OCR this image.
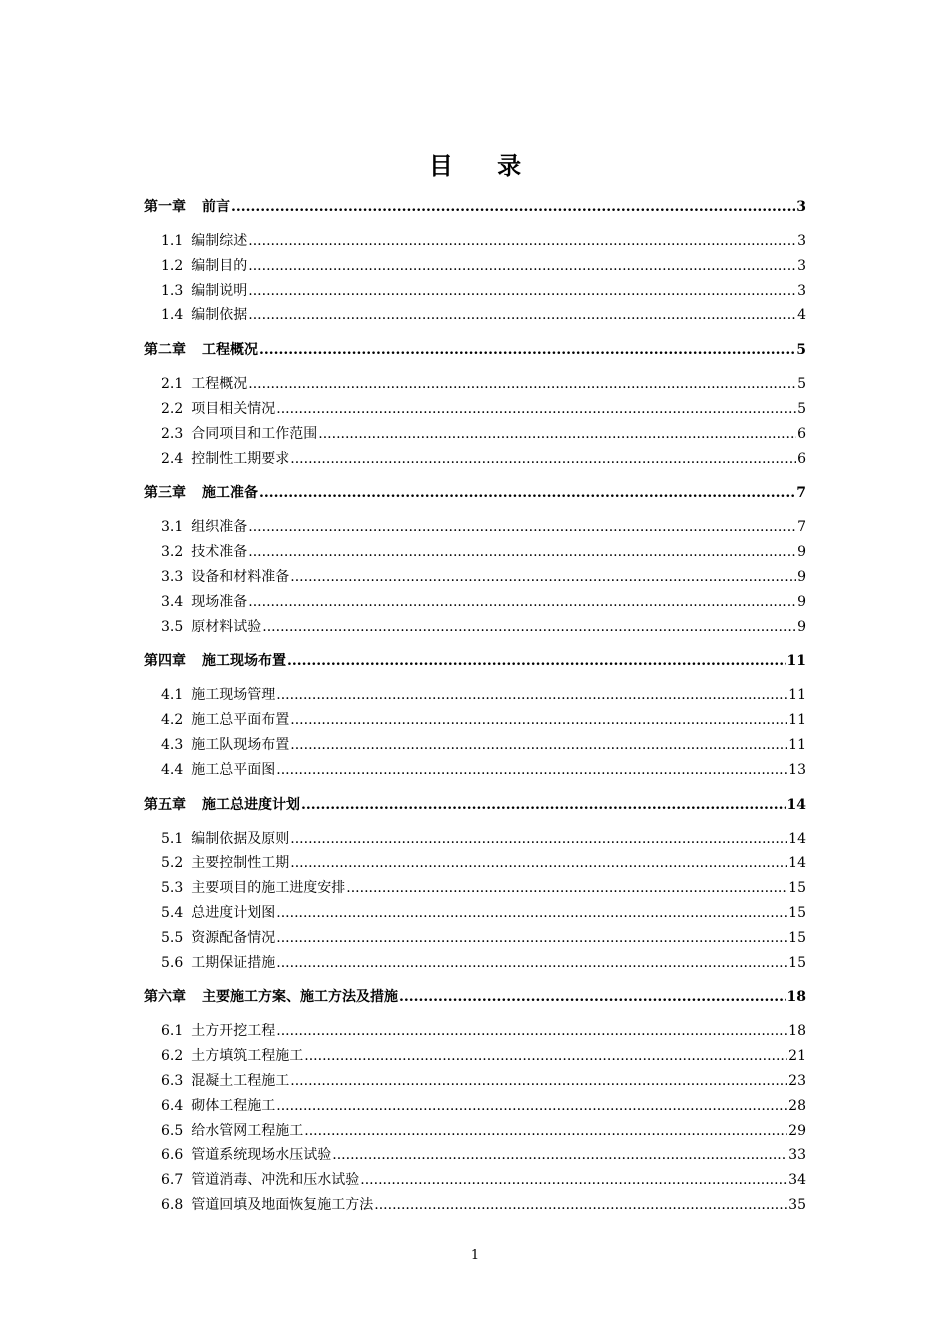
目 录
第一章 前言 .....	3
1.1 编制综述 .....	3
1.2 编制目的 .....	3
1.3 编制说明 .....	3
1.4 编制依据 .....	4
第二章 工程概况 .....	5
2.1 工程概况 .....	5
2.2 项目相关情况 .....	5
2.3 合同项目和工作范围 .....	6
2.4 控制性工期要求 .....	6
第三章 施工准备 .....	7
3.1 组织准备 .....	7
3.2 技术准备 .....	9
3.3 设备和材料准备 .....	9
3.4 现场准备 .....	9
3.5 原材料试验 .....	9
第四章 施工现场布置 .....	11
4.1 施工现场管理 .....	11
4.2 施工总平面布置 .....	11
4.3 施工队现场布置 .....	11
4.4 施工总平面图 .....	13
第五章 施工总进度计划 .....	14
5.1 编制依据及原则 .....	14
5.2 主要控制性工期 .....	14
5.3 主要项目的施工进度安排 .....	15
5.4 总进度计划图 .....	15
5.5 资源配备情况 .....	15
5.6 工期保证措施 .....	15
第六章 主要施工方案、施工方法及措施 .....	18
6.1 土方开挖工程 .....	18
6.2 土方填筑工程施工 .....	21
6.3 混凝土工程施工 .....	23
6.4 砌体工程施工 .....	28
6.5 给水管网工程施工 .....	29
6.6 管道系统现场水压试验 .....	33
6.7 管道消毒、冲洗和压水试验 .....	34
6.8 管道回填及地面恢复施工方法 .....	35
1
